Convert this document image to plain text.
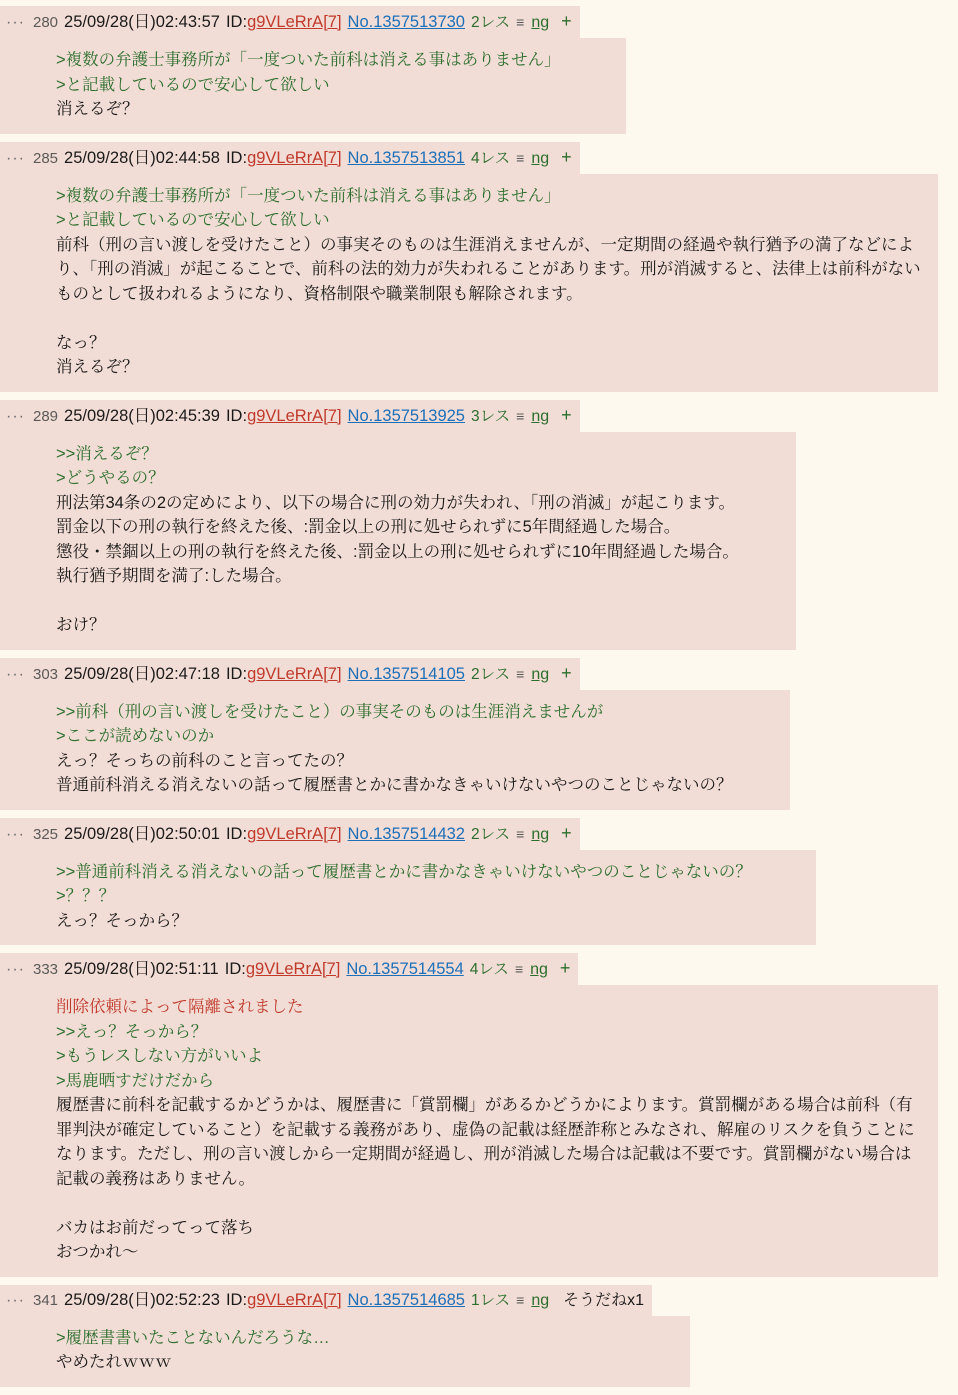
··· 280 25/09/28(日)02:43:57 ID:g9VLeRrA[7] No.1357513730 2レス ≡ ng +
>複数の弁護士事務所が「一度ついた前科は消える事はありません」
>と記載しているので安心して欲しい
消えるぞ？
··· 285 25/09/28(日)02:44:58 ID:g9VLeRrA[7] No.1357513851 4レス ≡ ng +
>複数の弁護士事務所が「一度ついた前科は消える事はありません」
>と記載しているので安心して欲しい
前科（刑の言い渡しを受けたこと）の事実そのものは生涯消えませんが、一定期間の経過や執行猶予の満了などにより、「刑の消滅」が起こることで、前科の法的効力が失われることがあります。刑が消滅すると、法律上は前科がないものとして扱われるようになり、資格制限や職業制限も解除されます。
なっ？
消えるぞ？
··· 289 25/09/28(日)02:45:39 ID:g9VLeRrA[7] No.1357513925 3レス ≡ ng +
>>消えるぞ？
>どうやるの？
刑法第34条の2の定めにより、以下の場合に刑の効力が失われ、「刑の消滅」が起こります。
罰金以下の刑の執行を終えた後、:罰金以上の刑に処せられずに5年間経過した場合。
懲役・禁錮以上の刑の執行を終えた後、:罰金以上の刑に処せられずに10年間経過した場合。
執行猶予期間を満了:した場合。
おけ？
··· 303 25/09/28(日)02:47:18 ID:g9VLeRrA[7] No.1357514105 2レス ≡ ng +
>>前科（刑の言い渡しを受けたこと）の事実そのものは生涯消えませんが
>ここが読めないのか
えっ？そっちの前科のこと言ってたの？
普通前科消える消えないの話って履歴書とかに書かなきゃいけないやつのことじゃないの？
··· 325 25/09/28(日)02:50:01 ID:g9VLeRrA[7] No.1357514432 2レス ≡ ng +
>>普通前科消える消えないの話って履歴書とかに書かなきゃいけないやつのことじゃないの？
>？？？
えっ？そっから？
··· 333 25/09/28(日)02:51:11 ID:g9VLeRrA[7] No.1357514554 4レス ≡ ng +
削除依頼によって隔離されました
>>えっ？そっから？
>もうレスしない方がいいよ
>馬鹿晒すだけだから
履歴書に前科を記載するかどうかは、履歴書に「賞罰欄」があるかどうかによります。賞罰欄がある場合は前科（有罪判決が確定していること）を記載する義務があり、虚偽の記載は経歴詐称とみなされ、解雇のリスクを負うことになります。ただし、刑の言い渡しから一定期間が経過し、刑が消滅した場合は記載は不要です。賞罰欄がない場合は記載の義務はありません。
バカはお前だってって落ち
おつかれ〜
··· 341 25/09/28(日)02:52:23 ID:g9VLeRrA[7] No.1357514685 1レス ≡ ng そうだねx1
>履歴書書いたことないんだろうな…
やめたれｗｗｗ
